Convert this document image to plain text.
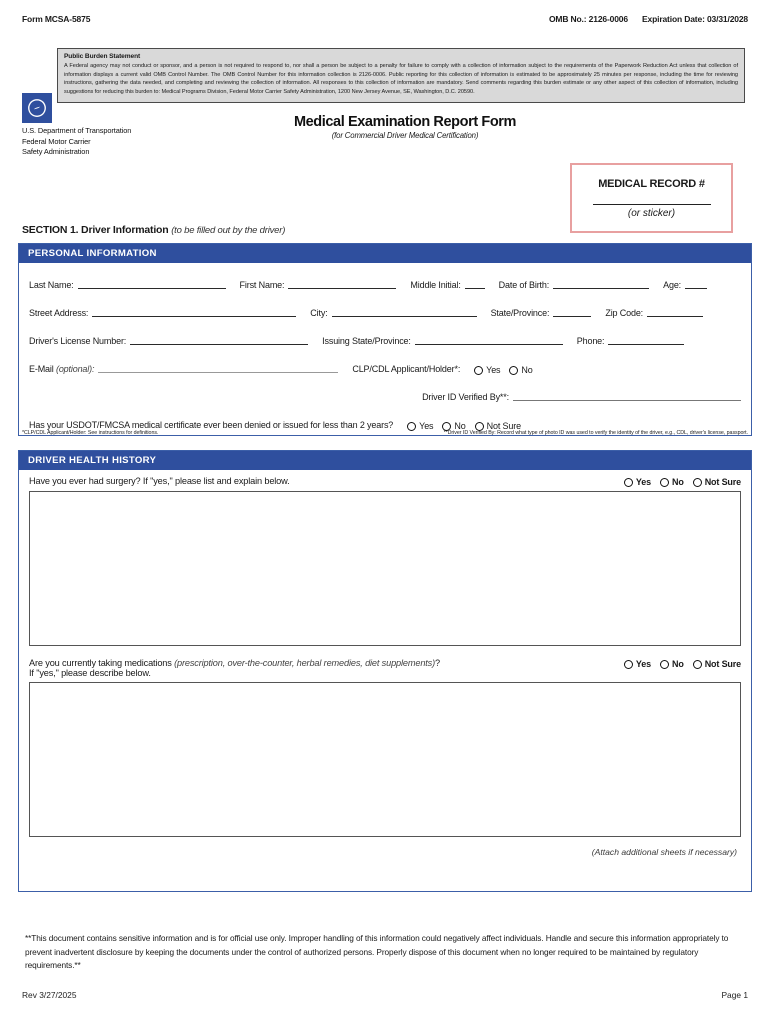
Form MCSA-5875	OMB No.: 2126-0006 Expiration Date: 03/31/2028
Public Burden Statement

A Federal agency may not conduct or sponsor, and a person is not required to respond to, nor shall a person be subject to a penalty for failure to comply with a collection of information subject to the requirements of the Paperwork Reduction Act unless that collection of information displays a current valid OMB Control Number. The OMB Control Number for this information collection is 2126-0006. Public reporting for this collection of information is estimated to be approximately 25 minutes per response, including the time for reviewing instructions, gathering the data needed, and completing and reviewing the collection of information. All responses to this collection of information are mandatory. Send comments regarding this burden estimate or any other aspect of this collection of information, including suggestions for reducing this burden to: Medical Programs Division, Federal Motor Carrier Safety Administration, 1200 New Jersey Avenue, SE, Washington, D.C. 20590.

U.S. Department of Transportation
Federal Motor Carrier
Safety Administration
Medical Examination Report Form
(for Commercial Driver Medical Certification)
MEDICAL RECORD #
(or sticker)
SECTION 1. Driver Information (to be filled out by the driver)
PERSONAL INFORMATION
Last Name:	First Name:	Middle Initial:	Date of Birth:	Age:
Street Address:	City:	State/Province:	Zip Code:
Driver's License Number:	Issuing State/Province:	Phone:
E-Mail (optional):	CLP/CDL Applicant/Holder*:	Yes No
Driver ID Verified By**:
Has your USDOT/FMCSA medical certificate ever been denied or issued for less than 2 years?	Yes No Not Sure
*CLP/CDL Applicant/Holder: See instructions for definitions.	**Driver ID Verified By: Record what type of photo ID was used to verify the identity of the driver, e.g., CDL, driver's license, passport.
DRIVER HEALTH HISTORY
Have you ever had surgery? If "yes," please list and explain below.	Yes No Not Sure
Are you currently taking medications (prescription, over-the-counter, herbal remedies, diet supplements)?
If "yes," please describe below.
Yes No Not Sure
(Attach additional sheets if necessary)
**This document contains sensitive information and is for official use only. Improper handling of this information could negatively affect individuals. Handle and secure this information appropriately to prevent inadvertent disclosure by keeping the documents under the control of authorized persons. Properly dispose of this document when no longer required to be maintained by regulatory requirements.**
Rev 3/27/2025	Page 1
